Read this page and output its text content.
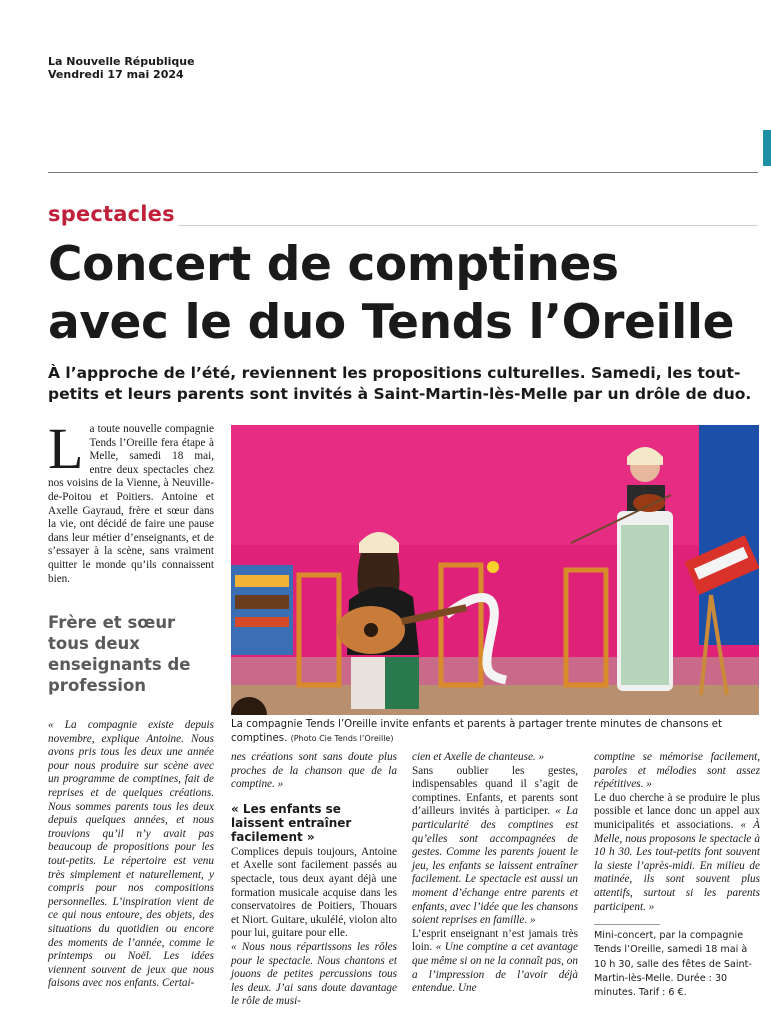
La Nouvelle République
Vendredi 17 mai 2024
spectacles
Concert de comptines
avec le duo Tends l’Oreille
À l’approche de l’été, reviennent les propositions culturelles. Samedi, les tout-petits et leurs parents sont invités à Saint-Martin-lès-Melle par un drôle de duo.

La toute nouvelle compagnie Tends l’Oreille fera étape à Melle, samedi 18 mai, entre deux spectacles chez nos voisins de la Vienne, à Neuville-de-Poitou et Poitiers. Antoine et Axelle Gayraud, frère et sœur dans la vie, ont décidé de faire une pause dans leur métier d’enseignants, et de s’essayer à la scène, sans vraiment quitter le monde qu’ils connaissent bien.

Frère et sœur tous deux enseignants de profession
La compagnie Tends l’Oreille invite enfants et parents à partager trente minutes de chansons et comptines. (Photo Cie Tends l’Oreille)

« La compagnie existe depuis novembre, explique Antoine. Nous avons pris tous les deux une année pour nous produire sur scène avec un programme de comptines, fait de reprises et de quelques créations. Nous sommes parents tous les deux depuis quelques années, et nous trouvions qu’il n’y avait pas beaucoup de propositions pour les tout-petits. Le répertoire est venu très simplement et naturellement, y compris pour nos compositions personnelles. L’inspiration vient de ce qui nous entoure, des objets, des situations du quotidien ou encore des moments de l’année, comme le printemps ou Noël. Les idées viennent souvent de jeux que nous faisons avec nos enfants. Certai-

nes créations sont sans doute plus proches de la chanson que de la comptine. »

« Les enfants se laissent entraîner facilement »

Complices depuis toujours, Antoine et Axelle sont facilement passés au spectacle, tous deux ayant déjà une formation musicale acquise dans les conservatoires de Poitiers, Thouars et Niort. Guitare, ukulélé, violon alto pour lui, guitare pour elle.

« Nous nous répartissons les rôles pour le spectacle. Nous chantons et jouons de petites percussions tous les deux. J’ai sans doute davantage le rôle de musi-

cien et Axelle de chanteuse. »

Sans oublier les gestes, indispensables quand il s’agit de comptines. Enfants, et parents sont d’ailleurs invités à participer. « La particularité des comptines est qu’elles sont accompagnées de gestes. Comme les parents jouent le jeu, les enfants se laissent entraîner facilement. Le spectacle est aussi un moment d’échange entre parents et enfants, avec l’idée que les chansons soient reprises en famille. »

L’esprit enseignant n’est jamais très loin. « Une comptine a cet avantage que même si on ne la connaît pas, on a l’impression de l’avoir déjà entendue. Une

comptine se mémorise facilement, paroles et mélodies sont assez répétitives. »

Le duo cherche à se produire le plus possible et lance donc un appel aux municipalités et associations. « À Melle, nous proposons le spectacle à 10 h 30. Les tout-petits font souvent la sieste l’après-midi. En milieu de matinée, ils sont souvent plus attentifs, surtout si les parents participent. »

Mini-concert, par la compagnie Tends l’Oreille, samedi 18 mai à 10 h 30, salle des fêtes de Saint-Martin-lès-Melle. Durée : 30 minutes. Tarif : 6 €.
